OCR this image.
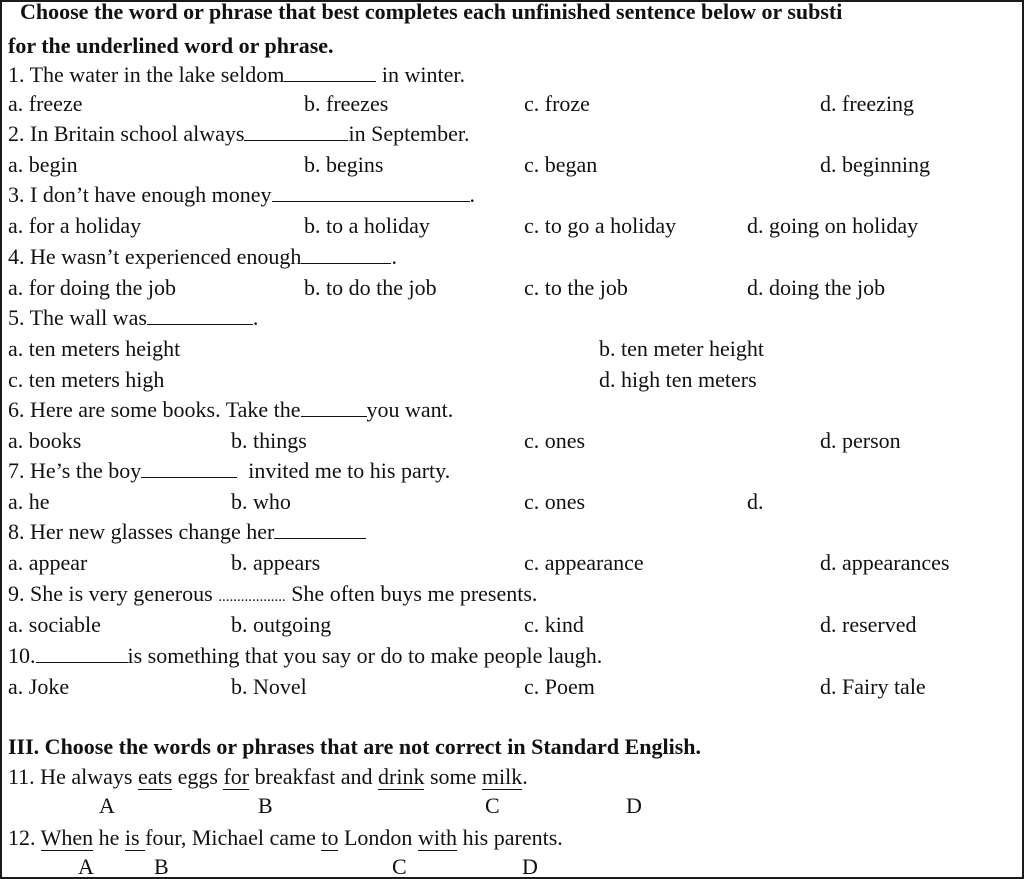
Choose the word or phrase that best completes each unfinished sentence below or substi
for the underlined word or phrase.
1. The water in the lake seldom	in winter.
a. freeze	b. freezes	c. froze	d. freezing
2. In Britain school always	in September.
a. begin	b. begins	c. began	d. beginning
3. I don’t have enough money	.
a. for a holiday	b. to a holiday	c. to go a holiday	d. going on holiday
4. He wasn’t experienced enough	.
a. for doing the job	b. to do the job	c. to the job	d. doing the job
5. The wall was	.
a. ten meters height	b. ten meter height
c. ten meters high	d. high ten meters
6. Here are some books. Take the	you want.
a. books	b. things	c. ones	d. person
7. He’s the boy	invited me to his party.
a. he	b. who	c. ones	d.
8. Her new glasses change her
a. appear	b. appears	c. appearance	d. appearances
9. She is very generous .................. She often buys me presents.
a. sociable	b. outgoing	c. kind	d. reserved
10.	is something that you say or do to make people laugh.
a. Joke	b. Novel	c. Poem	d. Fairy tale
III. Choose the words or phrases that are not correct in Standard English.
11. He always eats eggs for breakfast and drink some milk.
A	B	C	D
12. When he is four, Michael came to London with his parents.
A	B	C	D
